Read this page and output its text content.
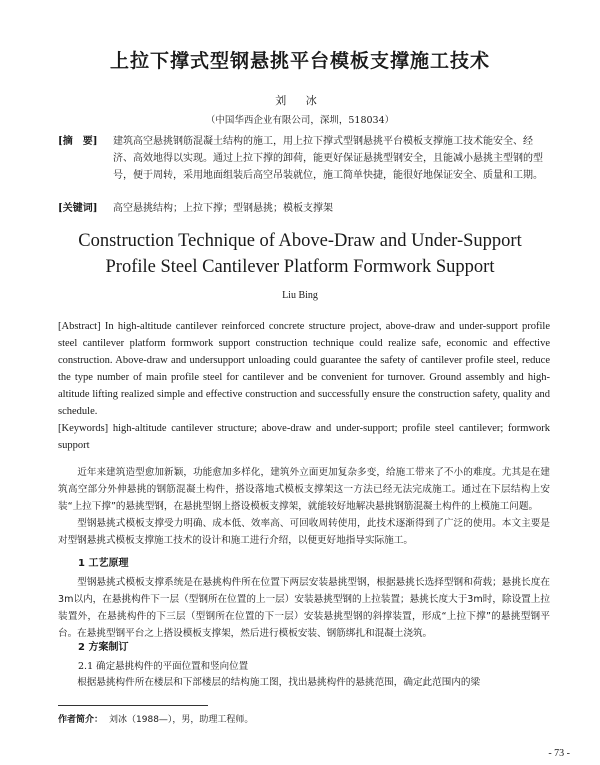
上拉下撑式型钢悬挑平台模板支撑施工技术
刘 冰
（中国华西企业有限公司，深圳，518034）
[摘　要] 建筑高空悬挑钢筋混凝土结构的施工，用上拉下撑式型钢悬挑平台模板支撑施工技术能安全、经济、高效地得以实现。通过上拉下撑的卸荷，能更好保证悬挑型钢安全，且能减小悬挑主型钢的型号，便于周转，采用地面组装后高空吊装就位，施工简单快捷，能很好地保证安全、质量和工期。
[关键词] 高空悬挑结构；上拉下撑；型钢悬挑；模板支撑架
Construction Technique of Above-Draw and Under-Support
Profile Steel Cantilever Platform Formwork Support
Liu Bing
[Abstract] In high-altitude cantilever reinforced concrete structure project, above-draw and under-support profile steel cantilever platform formwork support construction technique could realize safe, economic and effective construction. Above-draw and undersupport unloading could guarantee the safety of cantilever profile steel, reduce the type number of main profile steel for cantilever and be convenient for turnover. Ground assembly and high-altitude lifting realized simple and effective construction and successfully ensure the construction safety, quality and schedule.
[Keywords] high-altitude cantilever structure; above-draw and under-support; profile steel cantilever; formwork support
近年来建筑造型愈加新颖，功能愈加多样化，建筑外立面更加复杂多变，给施工带来了不小的难度。尤其是在建筑高空部分外伸悬挑的钢筋混凝土构件，搭设落地式模板支撑架这一方法已经无法完成施工。通过在下层结构上安装“上拉下撑”的悬挑型钢，在悬挑型钢上搭设模板支撑架，就能较好地解决悬挑钢筋混凝土构件的上模施工问题。
型钢悬挑式模板支撑受力明确、成本低、效率高、可回收周转使用，此技术逐渐得到了广泛的使用。本文主要是对型钢悬挑式模板支撑施工技术的设计和施工进行介绍，以便更好地指导实际施工。
1 工艺原理
型钢悬挑式模板支撑系统是在悬挑构件所在位置下两层安装悬挑型钢，根据悬挑长选择型钢和荷载；悬挑长度在3m以内，在悬挑构件下一层（型钢所在位置的上一层）安装悬挑型钢的上拉装置；悬挑长度大于3m时，除设置上拉装置外，在悬挑构件的下三层（型钢所在位置的下一层）安装悬挑型钢的斜撑装置，形成“上拉下撑”的悬挑型钢平台。在悬挑型钢平台之上搭设模板支撑架，然后进行模板安装、钢筋绑扎和混凝土浇筑。
2 方案制订
2.1 确定悬挑构件的平面位置和竖向位置
根据悬挑构件所在楼层和下部楼层的结构施工图，找出悬挑构件的悬挑范围，确定此范围内的梁
作者简介： 刘冰（1988—），男，助理工程师。
- 73 -
